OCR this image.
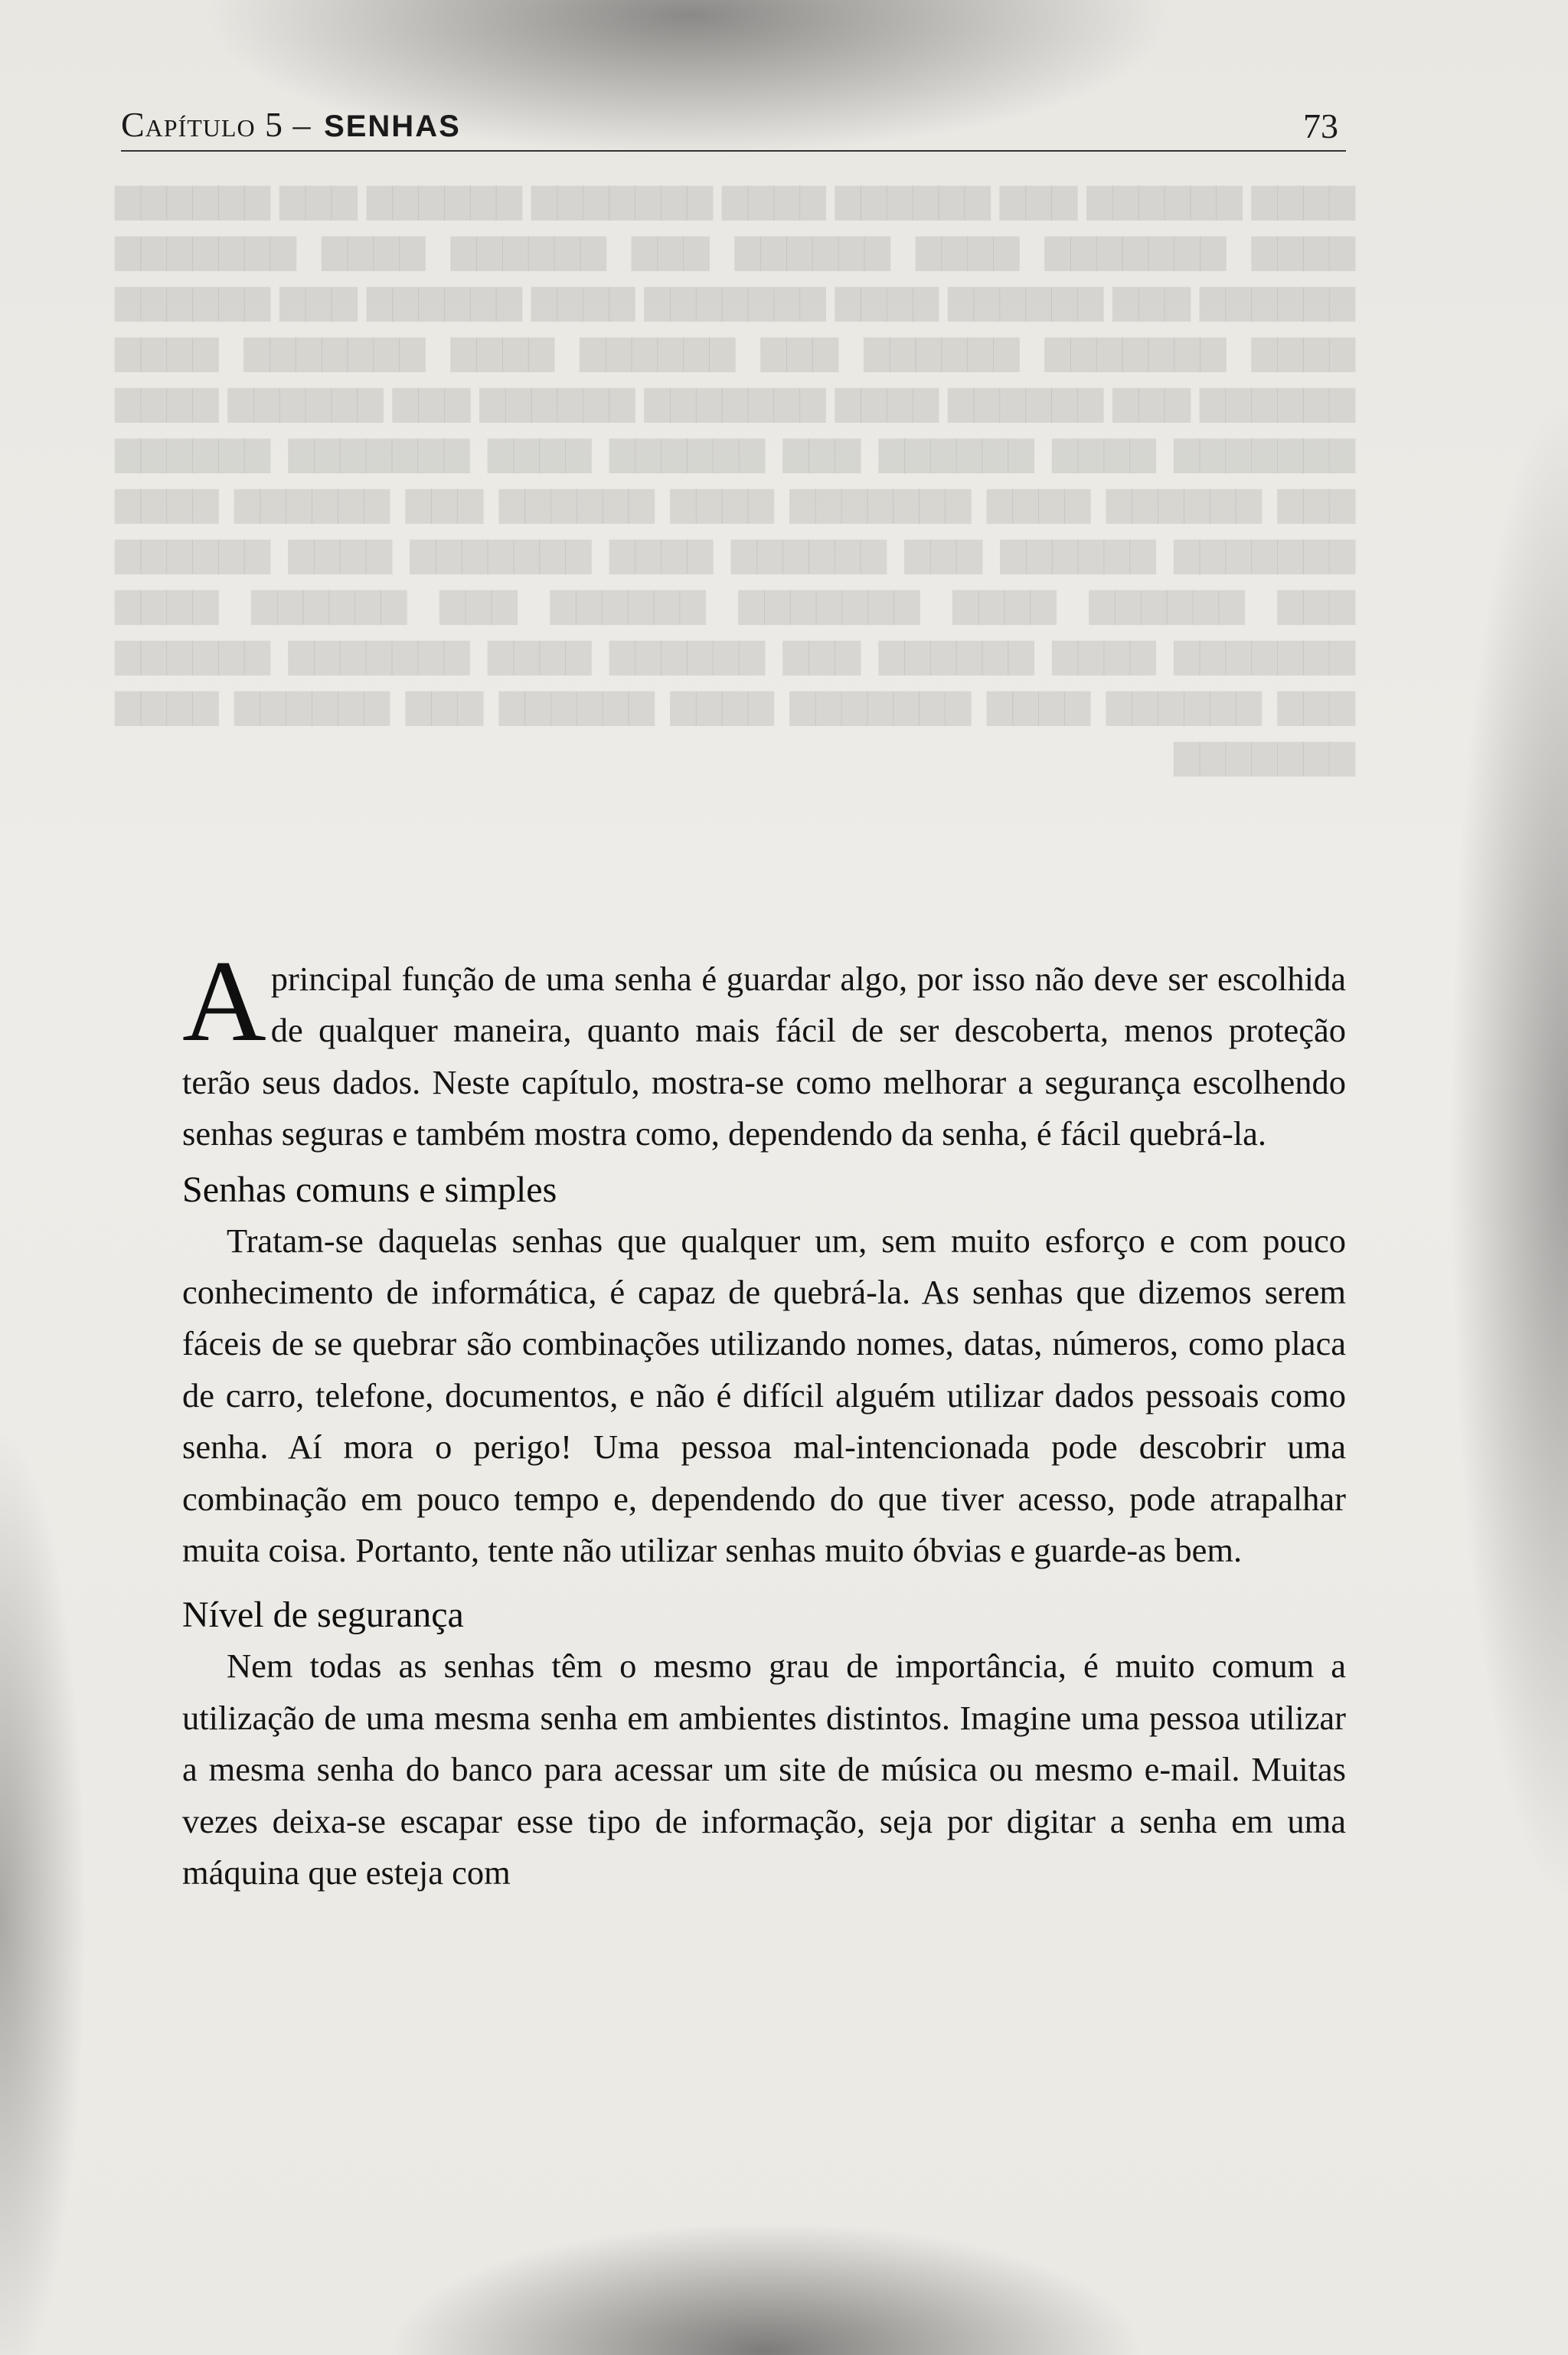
▇▇▇▇ ▇▇▇▇▇▇ ▇▇▇ ▇▇▇▇▇▇ ▇▇▇▇ ▇▇▇▇▇▇▇ ▇▇▇▇▇▇ ▇▇▇ ▇▇▇▇▇▇ ▇▇▇▇ ▇▇▇▇▇▇▇ ▇▇▇▇ ▇▇▇▇▇▇ ▇▇▇ ▇▇▇▇▇▇ ▇▇▇▇ ▇▇▇▇▇▇▇ ▇▇▇▇▇▇ ▇▇▇ ▇▇▇▇▇▇ ▇▇▇▇ ▇▇▇▇▇▇▇ ▇▇▇▇ ▇▇▇▇▇▇ ▇▇▇ ▇▇▇▇▇▇ ▇▇▇▇ ▇▇▇▇▇▇▇ ▇▇▇▇▇▇ ▇▇▇ ▇▇▇▇▇▇ ▇▇▇▇ ▇▇▇▇▇▇▇ ▇▇▇▇ ▇▇▇▇▇▇ ▇▇▇ ▇▇▇▇▇▇ ▇▇▇▇ ▇▇▇▇▇▇▇ ▇▇▇▇▇▇ ▇▇▇ ▇▇▇▇▇▇ ▇▇▇▇ ▇▇▇▇▇▇▇ ▇▇▇▇ ▇▇▇▇▇▇ ▇▇▇ ▇▇▇▇▇▇ ▇▇▇▇ ▇▇▇▇▇▇▇ ▇▇▇▇▇▇ ▇▇▇ ▇▇▇▇▇▇ ▇▇▇▇ ▇▇▇▇▇▇▇ ▇▇▇▇ ▇▇▇▇▇▇ ▇▇▇ ▇▇▇▇▇▇ ▇▇▇▇ ▇▇▇▇▇▇▇ ▇▇▇▇▇▇ ▇▇▇ ▇▇▇▇▇▇ ▇▇▇▇ ▇▇▇▇▇▇▇ ▇▇▇▇ ▇▇▇▇▇▇ ▇▇▇ ▇▇▇▇▇▇ ▇▇▇▇ ▇▇▇▇▇▇▇ ▇▇▇▇▇▇ ▇▇▇ ▇▇▇▇▇▇ ▇▇▇▇ ▇▇▇▇▇▇▇ ▇▇▇▇ ▇▇▇▇▇▇ ▇▇▇ ▇▇▇▇▇▇ ▇▇▇▇ ▇▇▇▇▇▇▇ ▇▇▇▇▇▇ ▇▇▇ ▇▇▇▇▇▇ ▇▇▇▇ ▇▇▇▇▇▇▇ ▇▇▇▇ ▇▇▇▇▇▇ ▇▇▇ ▇▇▇▇▇▇ ▇▇▇▇ ▇▇▇▇▇▇▇
Capítulo 5 – SENHAS	73

Aprincipal função de uma senha é guardar algo, por isso não deve ser escolhida de qualquer maneira, quanto mais fácil de ser descoberta, menos proteção terão seus dados. Neste capítulo, mostra-se como melhorar a segurança escolhendo senhas seguras e também mostra como, dependendo da senha, é fácil quebrá-la.

Senhas comuns e simples

Tratam-se daquelas senhas que qualquer um, sem muito esforço e com pouco conhecimento de informática, é capaz de quebrá-la. As senhas que dizemos serem fáceis de se quebrar são combinações utilizando nomes, datas, números, como placa de carro, telefone, documentos, e não é difícil alguém utilizar dados pessoais como senha. Aí mora o perigo! Uma pessoa mal-intencionada pode descobrir uma combinação em pouco tempo e, dependendo do que tiver acesso, pode atrapalhar muita coisa. Portanto, tente não utilizar senhas muito óbvias e guarde-as bem.

Nível de segurança

Nem todas as senhas têm o mesmo grau de importância, é muito comum a utilização de uma mesma senha em ambientes distintos. Imagine uma pessoa utilizar a mesma senha do banco para acessar um site de música ou mesmo e-mail. Muitas vezes deixa-se escapar esse tipo de informação, seja por digitar a senha em uma máquina que esteja com
